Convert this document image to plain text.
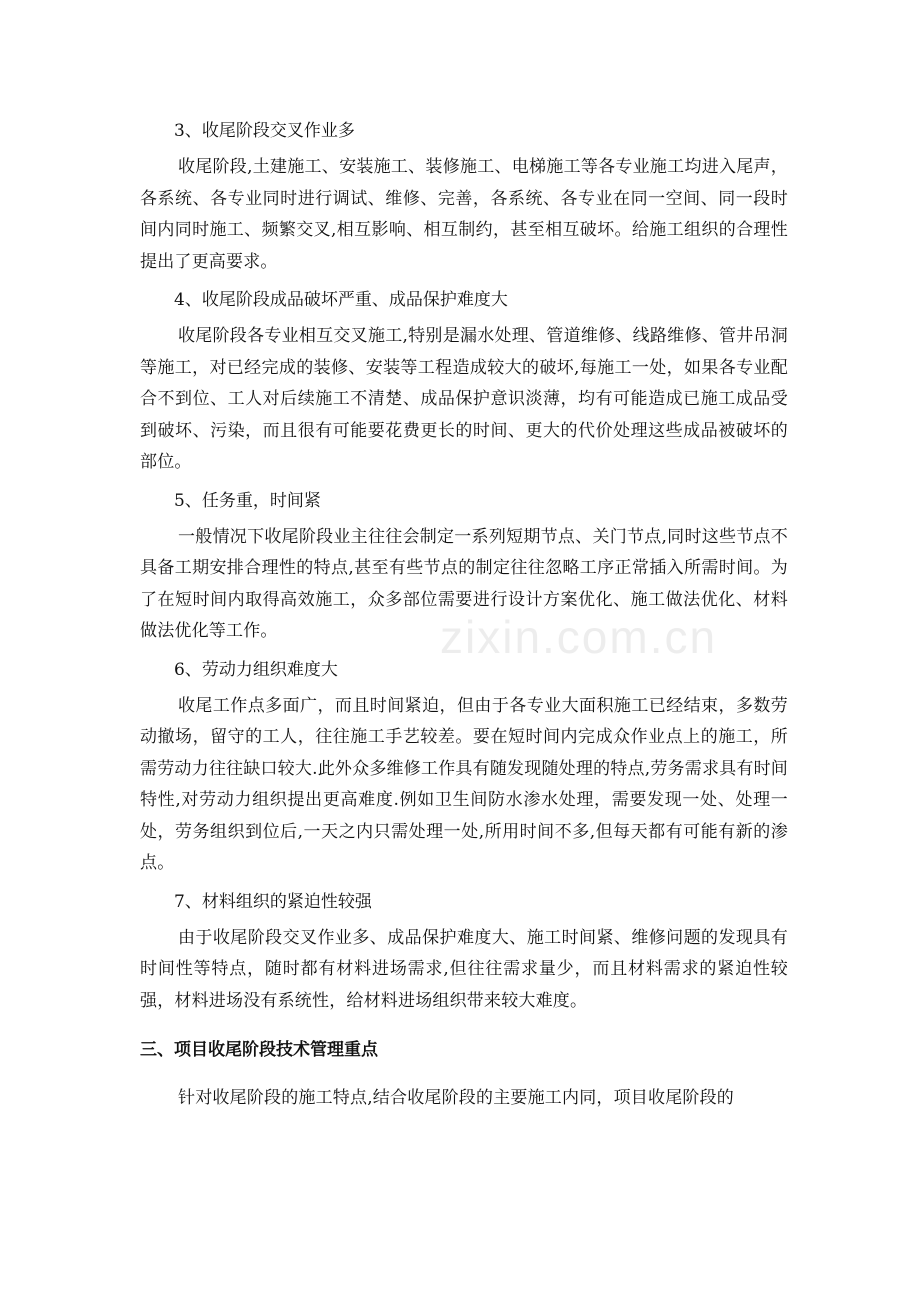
zixin.com.cn
3、收尾阶段交叉作业多
收尾阶段,土建施工、安装施工、装修施工、电梯施工等各专业施工均进入尾声，各系统、各专业同时进行调试、维修、完善，各系统、各专业在同一空间、同一段时间内同时施工、频繁交叉,相互影响、相互制约，甚至相互破坏。给施工组织的合理性提出了更高要求。
4、收尾阶段成品破坏严重、成品保护难度大
收尾阶段各专业相互交叉施工,特别是漏水处理、管道维修、线路维修、管井吊洞等施工，对已经完成的装修、安装等工程造成较大的破坏,每施工一处，如果各专业配合不到位、工人对后续施工不清楚、成品保护意识淡薄，均有可能造成已施工成品受到破坏、污染，而且很有可能要花费更长的时间、更大的代价处理这些成品被破坏的部位。
5、任务重，时间紧
一般情况下收尾阶段业主往往会制定一系列短期节点、关门节点,同时这些节点不具备工期安排合理性的特点,甚至有些节点的制定往往忽略工序正常插入所需时间。为了在短时间内取得高效施工，众多部位需要进行设计方案优化、施工做法优化、材料做法优化等工作。
6、劳动力组织难度大
收尾工作点多面广，而且时间紧迫，但由于各专业大面积施工已经结束，多数劳动撤场，留守的工人，往往施工手艺较差。要在短时间内完成众作业点上的施工，所需劳动力往往缺口较大.此外众多维修工作具有随发现随处理的特点,劳务需求具有时间特性,对劳动力组织提出更高难度.例如卫生间防水渗水处理，需要发现一处、处理一处，劳务组织到位后,一天之内只需处理一处,所用时间不多,但每天都有可能有新的渗点。
7、材料组织的紧迫性较强
由于收尾阶段交叉作业多、成品保护难度大、施工时间紧、维修问题的发现具有时间性等特点，随时都有材料进场需求,但往往需求量少，而且材料需求的紧迫性较强，材料进场没有系统性，给材料进场组织带来较大难度。
三、项目收尾阶段技术管理重点
针对收尾阶段的施工特点,结合收尾阶段的主要施工内同，项目收尾阶段的
